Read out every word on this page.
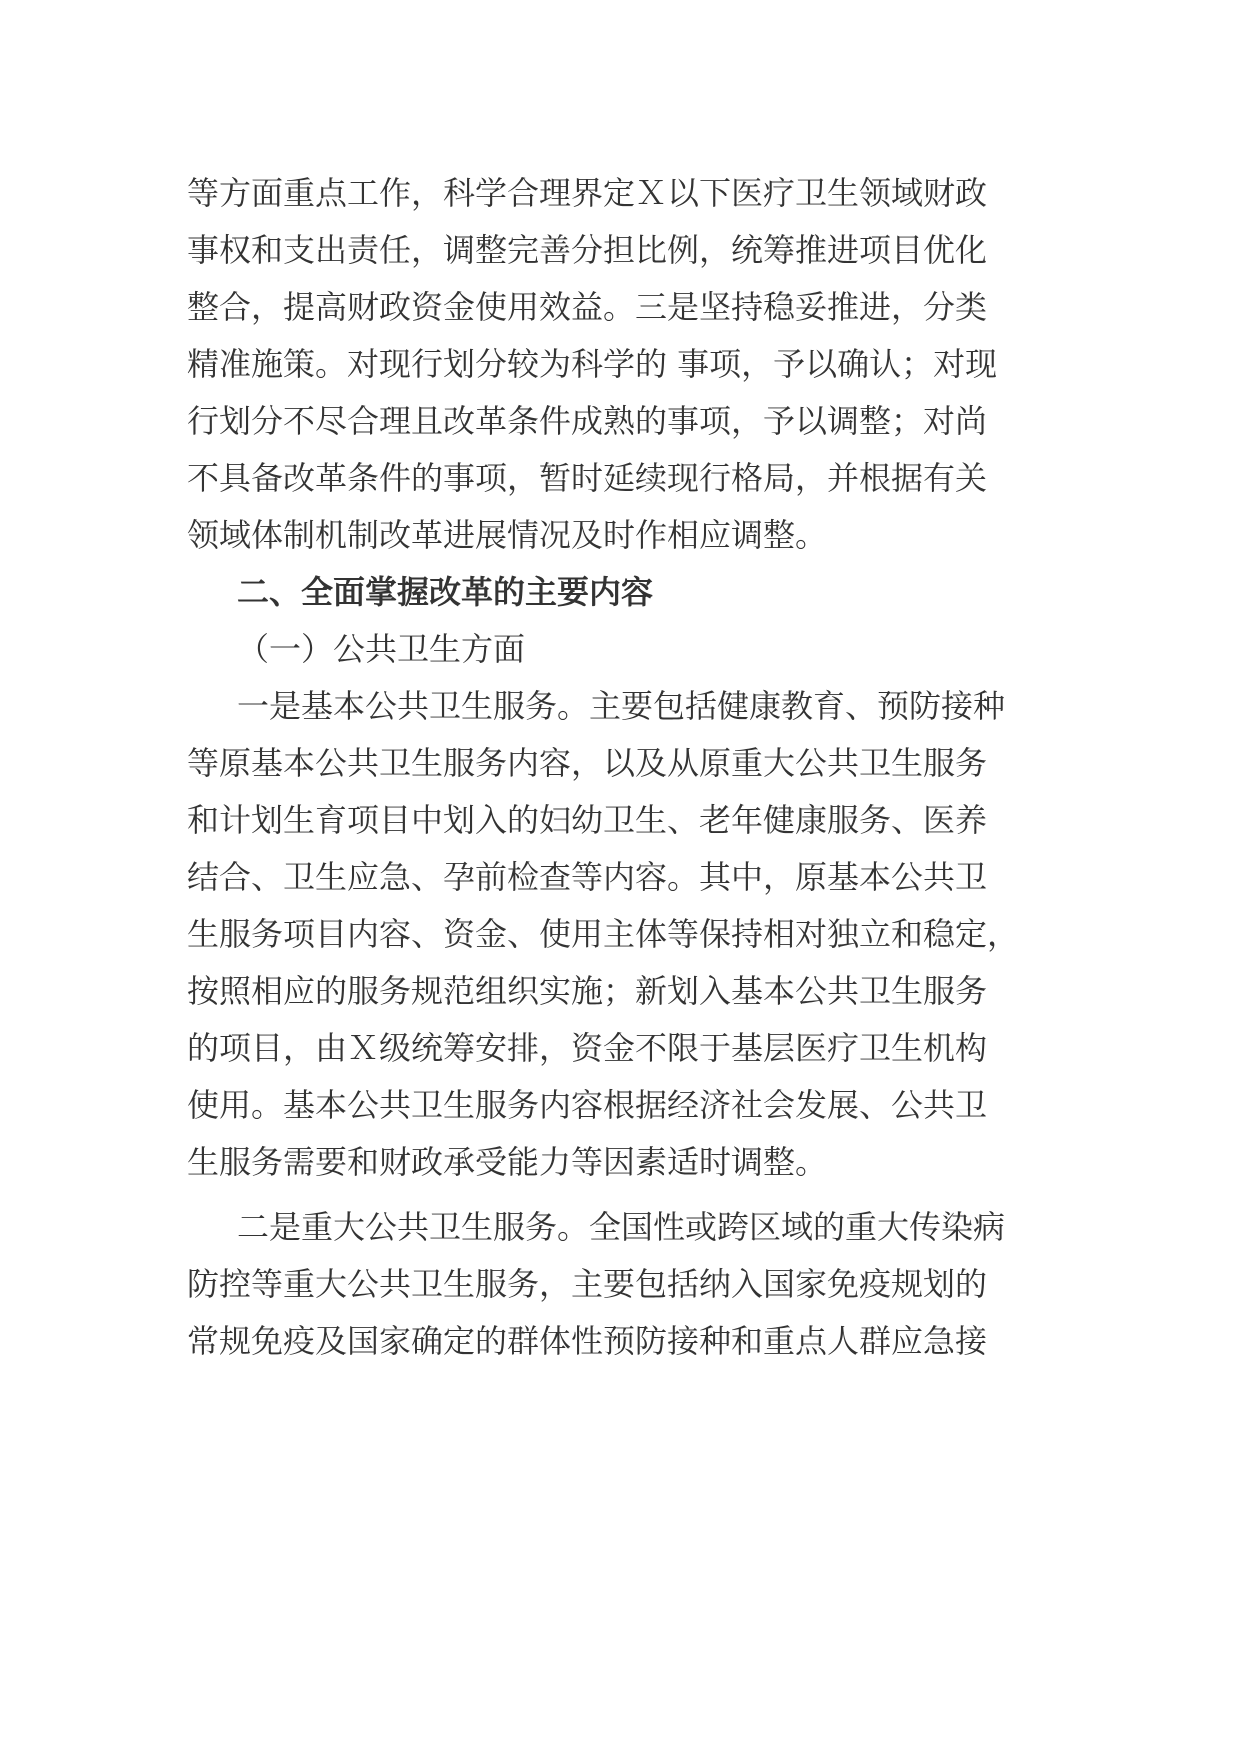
等方面重点工作，科学合理界定Ｘ以下医疗卫生领域财政
事权和支出责任，调整完善分担比例，统筹推进项目优化
整合，提高财政资金使用效益。三是坚持稳妥推进，分类
精准施策。对现行划分较为科学的 事项，予以确认；对现
行划分不尽合理且改革条件成熟的事项，予以调整；对尚
不具备改革条件的事项，暂时延续现行格局，并根据有关
领域体制机制改革进展情况及时作相应调整。
二、全面掌握改革的主要内容
（一）公共卫生方面
一是基本公共卫生服务。主要包括健康教育、预防接种
等原基本公共卫生服务内容，以及从原重大公共卫生服务
和计划生育项目中划入的妇幼卫生、老年健康服务、医养
结合、卫生应急、孕前检查等内容。其中，原基本公共卫
生服务项目内容、资金、使用主体等保持相对独立和稳定，
按照相应的服务规范组织实施；新划入基本公共卫生服务
的项目，由Ｘ级统筹安排，资金不限于基层医疗卫生机构
使用。基本公共卫生服务内容根据经济社会发展、公共卫
生服务需要和财政承受能力等因素适时调整。
二是重大公共卫生服务。全国性或跨区域的重大传染病
防控等重大公共卫生服务，主要包括纳入国家免疫规划的
常规免疫及国家确定的群体性预防接种和重点人群应急接
